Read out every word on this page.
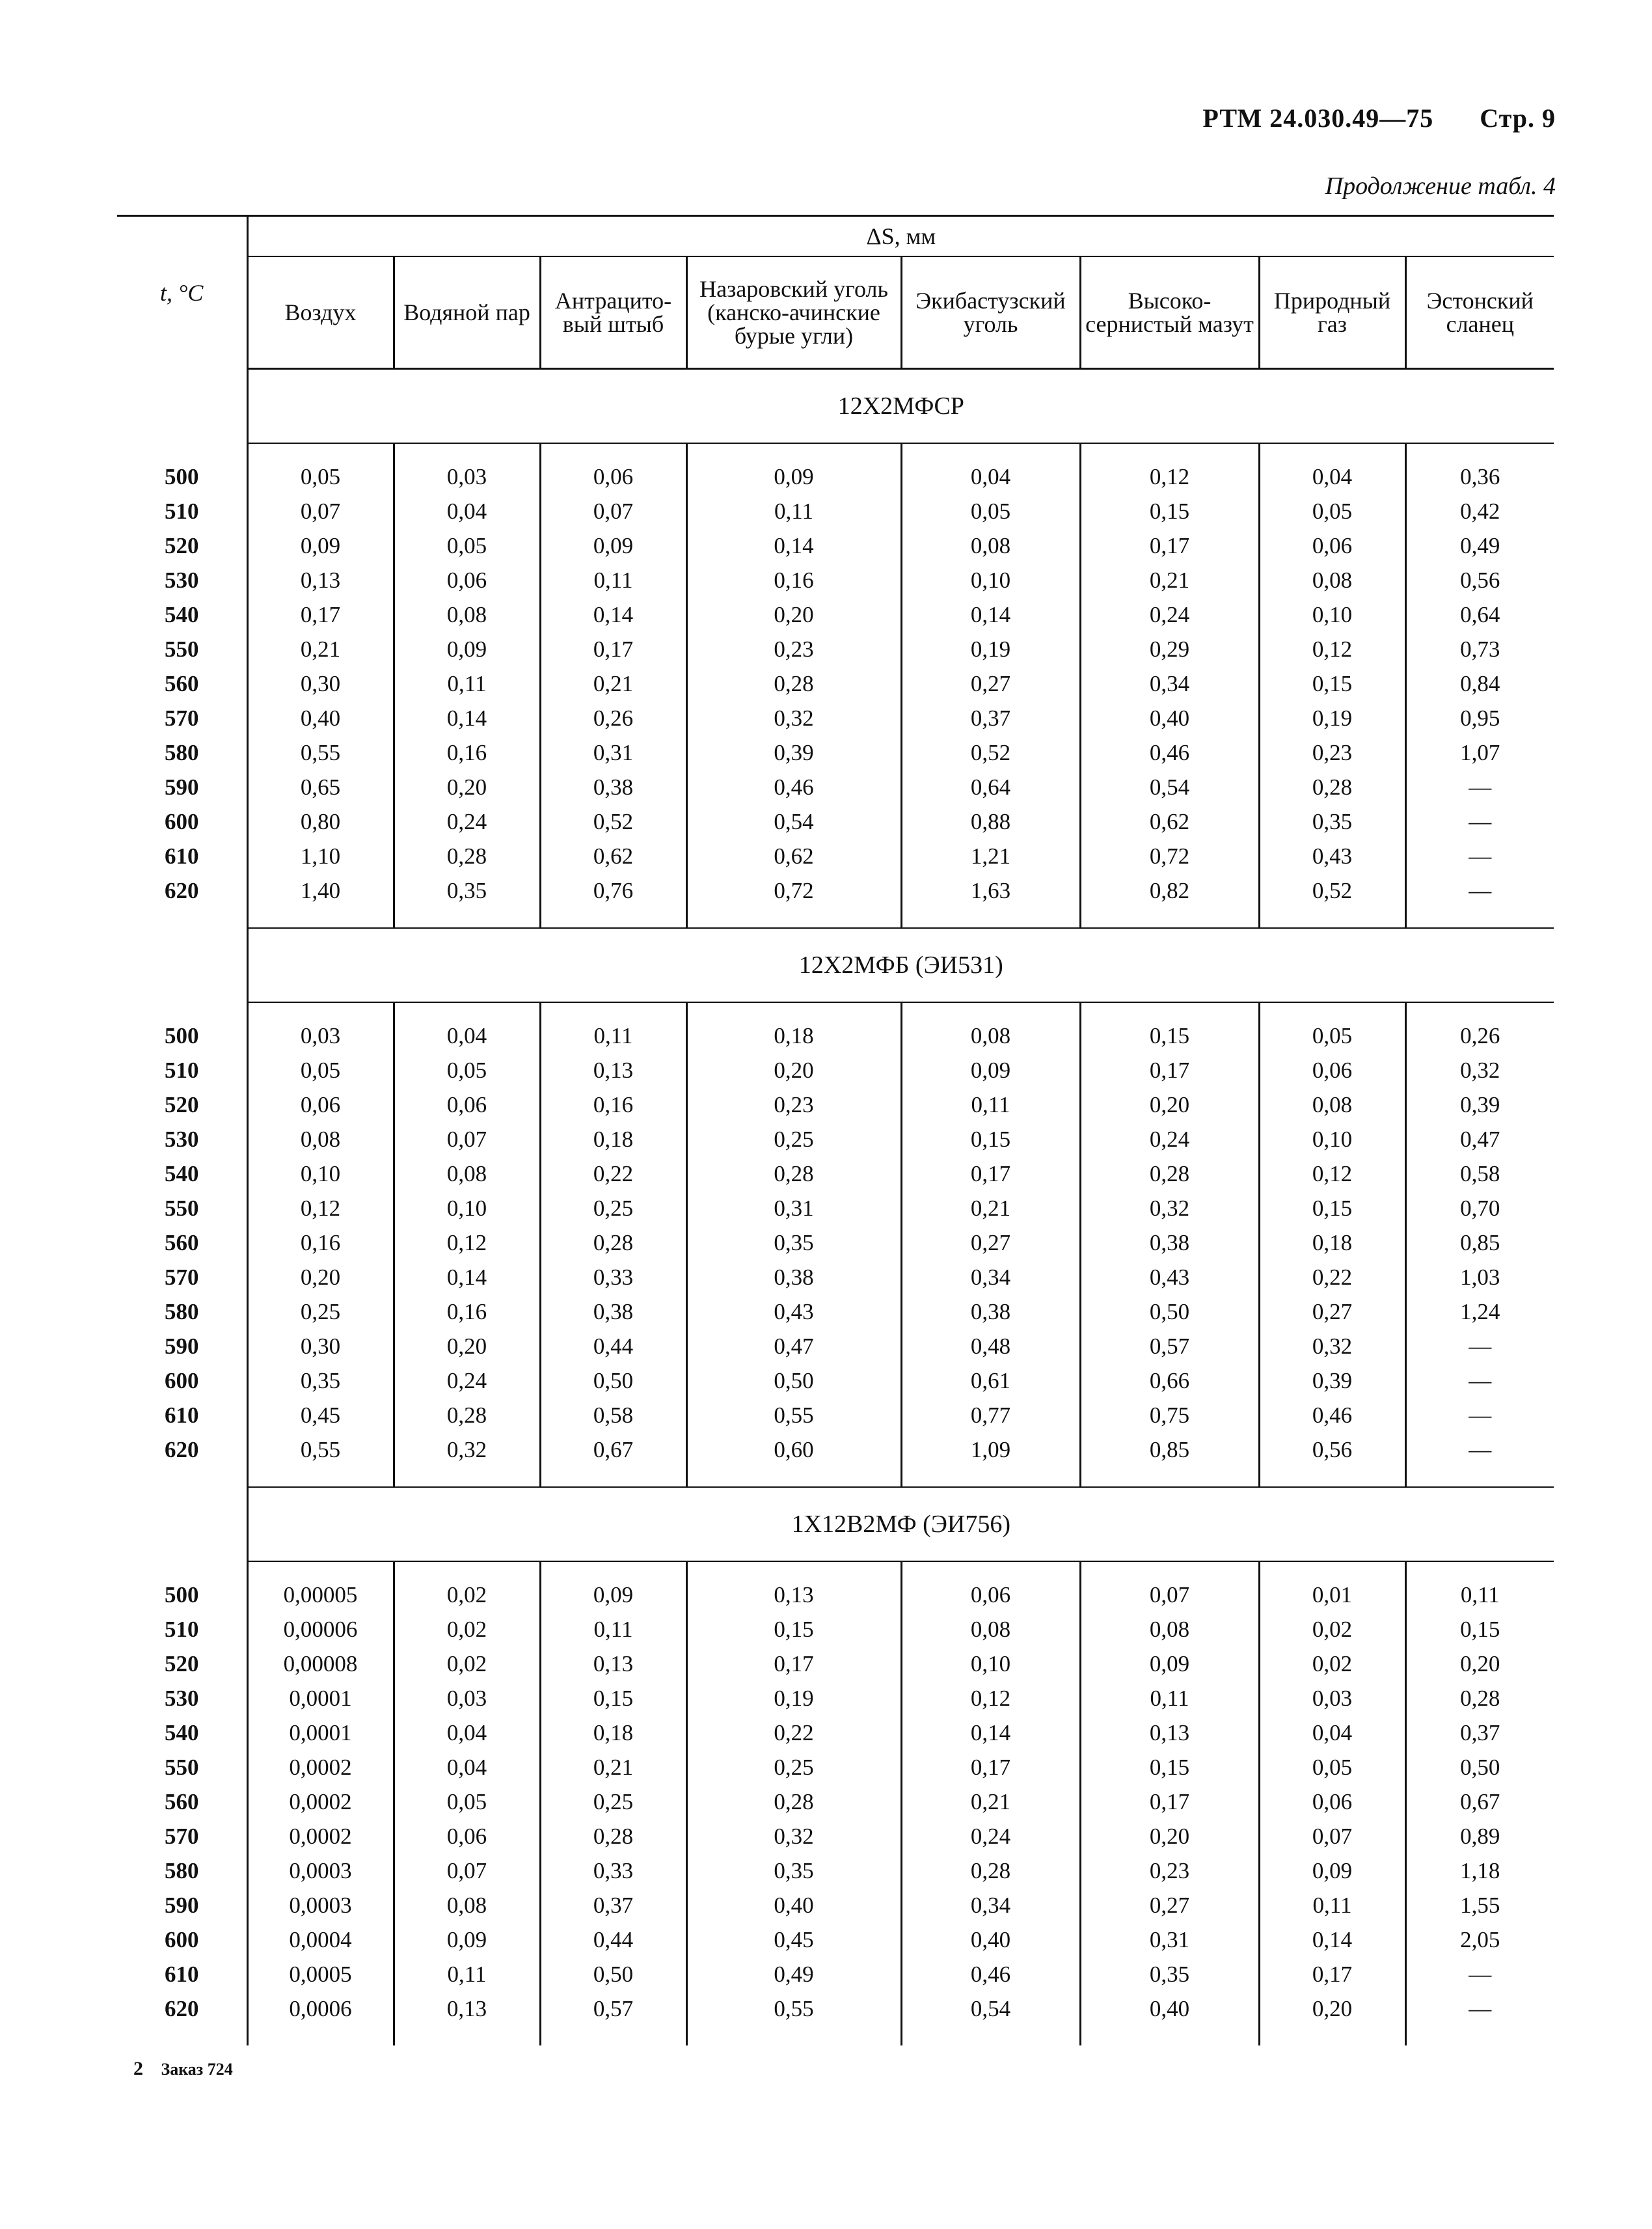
РТМ 24.030.49—75 Стр. 9
Продолжение табл. 4
t, °C	ΔS, мм							
	Воздух	Водяной пар	Антрацито-вый штыб	Назаровский уголь (канско-ачинские бурые угли)	Экибастузский уголь	Высоко-сернистый мазут	Природный газ	Эстонский сланец
	12Х2МФСР							

500	0,05	0,03	0,06	0,09	0,04	0,12	0,04	0,36
510	0,07	0,04	0,07	0,11	0,05	0,15	0,05	0,42
520	0,09	0,05	0,09	0,14	0,08	0,17	0,06	0,49
530	0,13	0,06	0,11	0,16	0,10	0,21	0,08	0,56
540	0,17	0,08	0,14	0,20	0,14	0,24	0,10	0,64
550	0,21	0,09	0,17	0,23	0,19	0,29	0,12	0,73
560	0,30	0,11	0,21	0,28	0,27	0,34	0,15	0,84
570	0,40	0,14	0,26	0,32	0,37	0,40	0,19	0,95
580	0,55	0,16	0,31	0,39	0,52	0,46	0,23	1,07
590	0,65	0,20	0,38	0,46	0,64	0,54	0,28	—
600	0,80	0,24	0,52	0,54	0,88	0,62	0,35	—
610	1,10	0,28	0,62	0,62	1,21	0,72	0,43	—
620	1,40	0,35	0,76	0,72	1,63	0,82	0,52	—

	12Х2МФБ (ЭИ531)							

500	0,03	0,04	0,11	0,18	0,08	0,15	0,05	0,26
510	0,05	0,05	0,13	0,20	0,09	0,17	0,06	0,32
520	0,06	0,06	0,16	0,23	0,11	0,20	0,08	0,39
530	0,08	0,07	0,18	0,25	0,15	0,24	0,10	0,47
540	0,10	0,08	0,22	0,28	0,17	0,28	0,12	0,58
550	0,12	0,10	0,25	0,31	0,21	0,32	0,15	0,70
560	0,16	0,12	0,28	0,35	0,27	0,38	0,18	0,85
570	0,20	0,14	0,33	0,38	0,34	0,43	0,22	1,03
580	0,25	0,16	0,38	0,43	0,38	0,50	0,27	1,24
590	0,30	0,20	0,44	0,47	0,48	0,57	0,32	—
600	0,35	0,24	0,50	0,50	0,61	0,66	0,39	—
610	0,45	0,28	0,58	0,55	0,77	0,75	0,46	—
620	0,55	0,32	0,67	0,60	1,09	0,85	0,56	—

	1Х12В2МФ (ЭИ756)							

500	0,00005	0,02	0,09	0,13	0,06	0,07	0,01	0,11
510	0,00006	0,02	0,11	0,15	0,08	0,08	0,02	0,15
520	0,00008	0,02	0,13	0,17	0,10	0,09	0,02	0,20
530	0,0001	0,03	0,15	0,19	0,12	0,11	0,03	0,28
540	0,0001	0,04	0,18	0,22	0,14	0,13	0,04	0,37
550	0,0002	0,04	0,21	0,25	0,17	0,15	0,05	0,50
560	0,0002	0,05	0,25	0,28	0,21	0,17	0,06	0,67
570	0,0002	0,06	0,28	0,32	0,24	0,20	0,07	0,89
580	0,0003	0,07	0,33	0,35	0,28	0,23	0,09	1,18
590	0,0003	0,08	0,37	0,40	0,34	0,27	0,11	1,55
600	0,0004	0,09	0,44	0,45	0,40	0,31	0,14	2,05
610	0,0005	0,11	0,50	0,49	0,46	0,35	0,17	—
620	0,0006	0,13	0,57	0,55	0,54	0,40	0,20	—

2 Заказ 724
